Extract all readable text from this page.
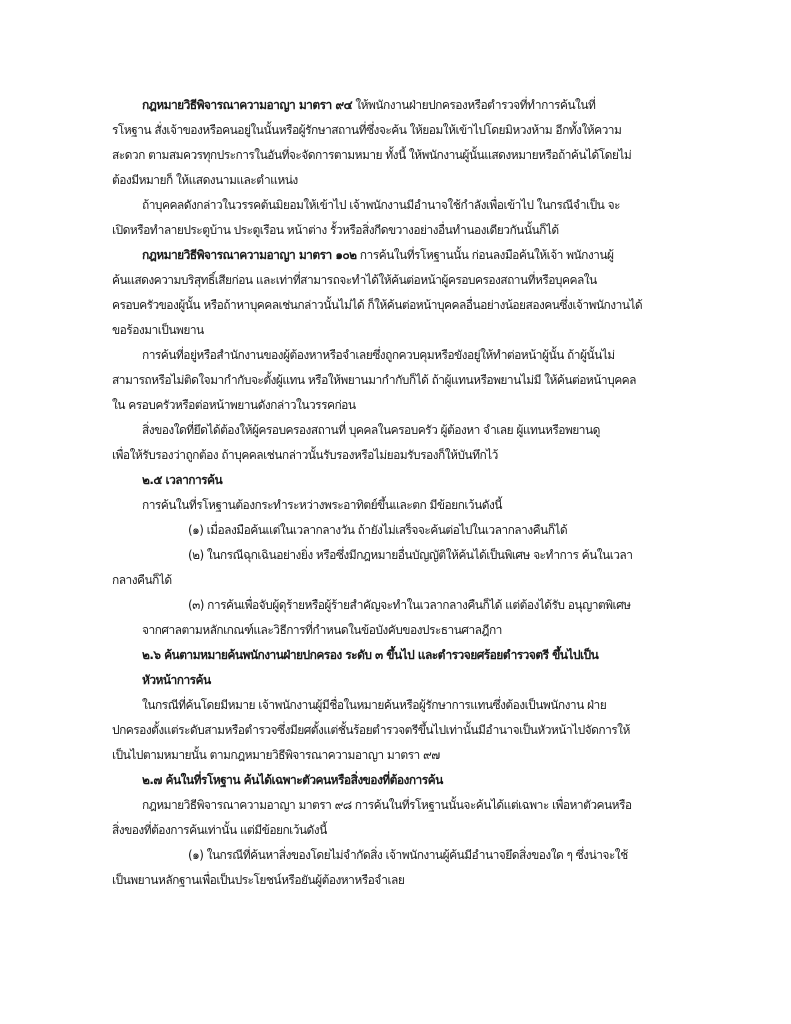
กฎหมายวิธีพิจารณาความอาญา มาตรา ๙๔ ให้พนักงานฝ่ายปกครองหรือตำรวจที่ทำการค้นในที่
รโหฐาน สั่งเจ้าของหรือคนอยู่ในนั้นหรือผู้รักษาสถานที่ซึ่งจะค้น ให้ยอมให้เข้าไปโดยมิหวงห้าม อีกทั้งให้ความ
สะดวก ตามสมควรทุกประการในอันที่จะจัดการตามหมาย ทั้งนี้ ให้พนักงานผู้นั้นแสดงหมายหรือถ้าค้นได้โดยไม่
ต้องมีหมายก็ ให้แสดงนามและตำแหน่ง
ถ้าบุคคลดังกล่าวในวรรคต้นมิยอมให้เข้าไป เจ้าพนักงานมีอำนาจใช้กำลังเพื่อเข้าไป ในกรณีจำเป็น จะ
เปิดหรือทำลายประตูบ้าน ประตูเรือน หน้าต่าง รั้วหรือสิ่งกีดขวางอย่างอื่นทำนองเดียวกันนั้นก็ได้
กฎหมายวิธีพิจารณาความอาญา มาตรา ๑๐๒ การค้นในที่รโหฐานนั้น ก่อนลงมือค้นให้เจ้า พนักงานผู้
ค้นแสดงความบริสุทธิ์เสียก่อน และเท่าที่สามารถจะทำได้ให้ค้นต่อหน้าผู้ครอบครองสถานที่หรือบุคคลใน
ครอบครัวของผู้นั้น หรือถ้าหาบุคคลเช่นกล่าวนั้นไม่ได้ ก็ให้ค้นต่อหน้าบุคคลอื่นอย่างน้อยสองคนซึ่งเจ้าพนักงานได้
ขอร้องมาเป็นพยาน
การค้นที่อยู่หรือสำนักงานของผู้ต้องหาหรือจำเลยซึ่งถูกควบคุมหรือขังอยู่ให้ทำต่อหน้าผู้นั้น ถ้าผู้นั้นไม่
สามารถหรือไม่ติดใจมากำกับจะตั้งผู้แทน หรือให้พยานมากำกับก็ได้ ถ้าผู้แทนหรือพยานไม่มี ให้ค้นต่อหน้าบุคคล
ใน ครอบครัวหรือต่อหน้าพยานดังกล่าวในวรรคก่อน
สิ่งของใดที่ยึดได้ต้องให้ผู้ครอบครองสถานที่ บุคคลในครอบครัว ผู้ต้องหา จำเลย ผู้แทนหรือพยานดู
เพื่อให้รับรองว่าถูกต้อง ถ้าบุคคลเช่นกล่าวนั้นรับรองหรือไม่ยอมรับรองก็ให้บันทึกไว้
๒.๕ เวลาการค้น
การค้นในที่รโหฐานต้องกระทำระหว่างพระอาทิตย์ขึ้นและตก มีข้อยกเว้นดังนี้
(๑) เมื่อลงมือค้นแต่ในเวลากลางวัน ถ้ายังไม่เสร็จจะค้นต่อไปในเวลากลางคืนก็ได้
(๒) ในกรณีฉุกเฉินอย่างยิ่ง หรือซึ่งมีกฎหมายอื่นบัญญัติให้ค้นได้เป็นพิเศษ จะทำการ ค้นในเวลา
กลางคืนก็ได้
(๓) การค้นเพื่อจับผู้ดุร้ายหรือผู้ร้ายสำคัญจะทำในเวลากลางคืนก็ได้ แต่ต้องได้รับ อนุญาตพิเศษ
จากศาลตามหลักเกณฑ์และวิธีการที่กำหนดในข้อบังคับของประธานศาลฎีกา
๒.๖ ค้นตามหมายค้นพนักงานฝ่ายปกครอง ระดับ ๓ ขึ้นไป และตำรวจยศร้อยตำรวจตรี ขึ้นไปเป็น
หัวหน้าการค้น
ในกรณีที่ค้นโดยมีหมาย เจ้าพนักงานผู้มีชื่อในหมายค้นหรือผู้รักษาการแทนซึ่งต้องเป็นพนักงาน ฝ่าย
ปกครองตั้งแต่ระดับสามหรือตำรวจซึ่งมียศตั้งแต่ชั้นร้อยตำรวจตรีขึ้นไปเท่านั้นมีอำนาจเป็นหัวหน้าไปจัดการให้
เป็นไปตามหมายนั้น ตามกฎหมายวิธีพิจารณาความอาญา มาตรา ๙๗
๒.๗ ค้นในที่รโหฐาน ค้นได้เฉพาะตัวคนหรือสิ่งของที่ต้องการค้น
กฎหมายวิธีพิจารณาความอาญา มาตรา ๙๘ การค้นในที่รโหฐานนั้นจะค้นได้แต่เฉพาะ เพื่อหาตัวคนหรือ
สิ่งของที่ต้องการค้นเท่านั้น แต่มีข้อยกเว้นดังนี้
(๑) ในกรณีที่ค้นหาสิ่งของโดยไม่จำกัดสิ่ง เจ้าพนักงานผู้ค้นมีอำนาจยึดสิ่งของใด ๆ ซึ่งน่าจะใช้
เป็นพยานหลักฐานเพื่อเป็นประโยชน์หรือยันผู้ต้องหาหรือจำเลย
